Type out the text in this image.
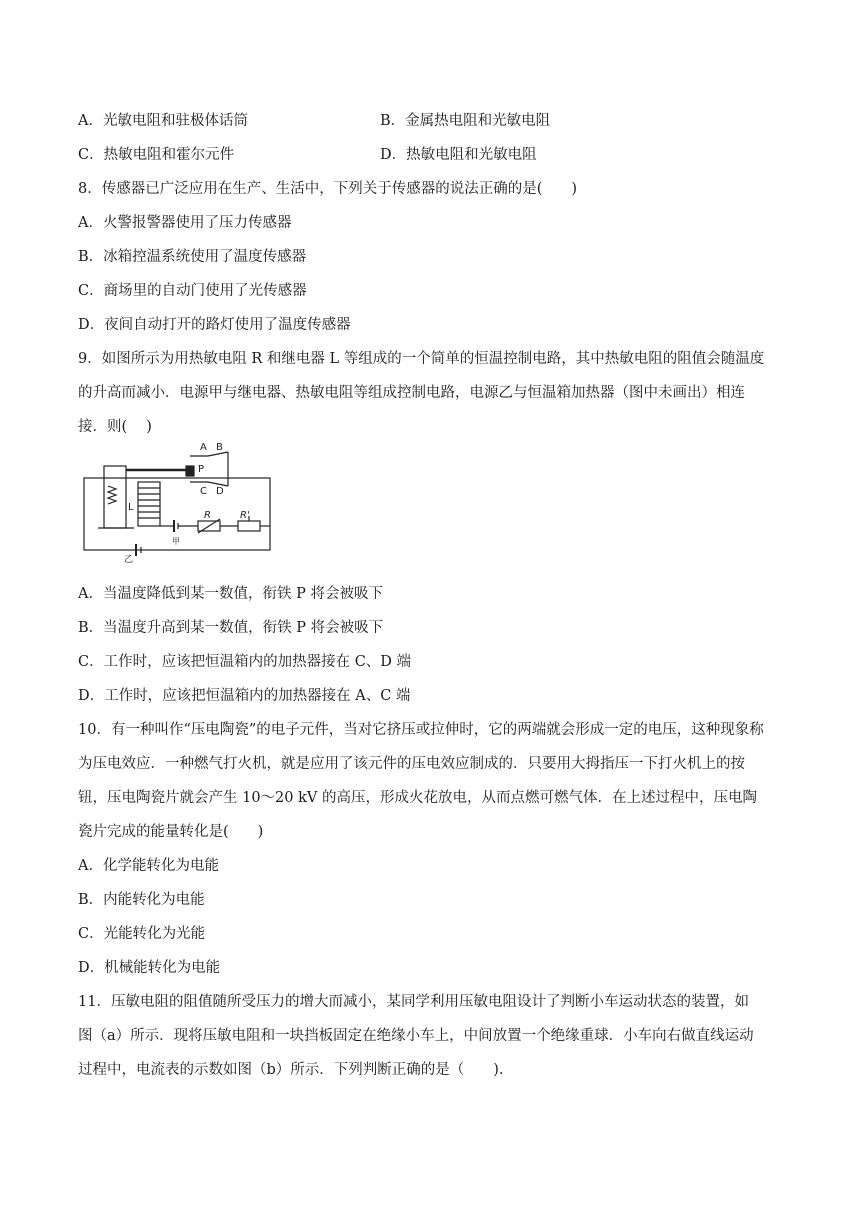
A．光敏电阻和驻极体话筒	B．金属热电阻和光敏电阻
C．热敏电阻和霍尔元件	D．热敏电阻和光敏电阻
8．传感器已广泛应用在生产、生活中，下列关于传感器的说法正确的是(　　)
A．火警报警器使用了压力传感器
B．冰箱控温系统使用了温度传感器
C．商场里的自动门使用了光传感器
D．夜间自动打开的路灯使用了温度传感器
9．如图所示为用热敏电阻 R 和继电器 L 等组成的一个简单的恒温控制电路，其中热敏电阻的阻值会随温度
的升高而减小．电源甲与继电器、热敏电阻等组成控制电路，电源乙与恒温箱加热器（图中未画出）相连
接．则(　 )
A B
P
C D
L
R	R'
甲
乙
A．当温度降低到某一数值，衔铁 P 将会被吸下
B．当温度升高到某一数值，衔铁 P 将会被吸下
C．工作时，应该把恒温箱内的加热器接在 C、D 端
D．工作时，应该把恒温箱内的加热器接在 A、C 端
10．有一种叫作“压电陶瓷”的电子元件，当对它挤压或拉伸时，它的两端就会形成一定的电压，这种现象称
为压电效应．一种燃气打火机，就是应用了该元件的压电效应制成的．只要用大拇指压一下打火机上的按
钮，压电陶瓷片就会产生 10～20 kV 的高压，形成火花放电，从而点燃可燃气体．在上述过程中，压电陶
瓷片完成的能量转化是(　　)
A．化学能转化为电能
B．内能转化为电能
C．光能转化为光能
D．机械能转化为电能
11．压敏电阻的阻值随所受压力的增大而减小，某同学利用压敏电阻设计了判断小车运动状态的装置，如
图（a）所示．现将压敏电阻和一块挡板固定在绝缘小车上，中间放置一个绝缘重球．小车向右做直线运动
过程中，电流表的示数如图（b）所示．下列判断正确的是（　　).
